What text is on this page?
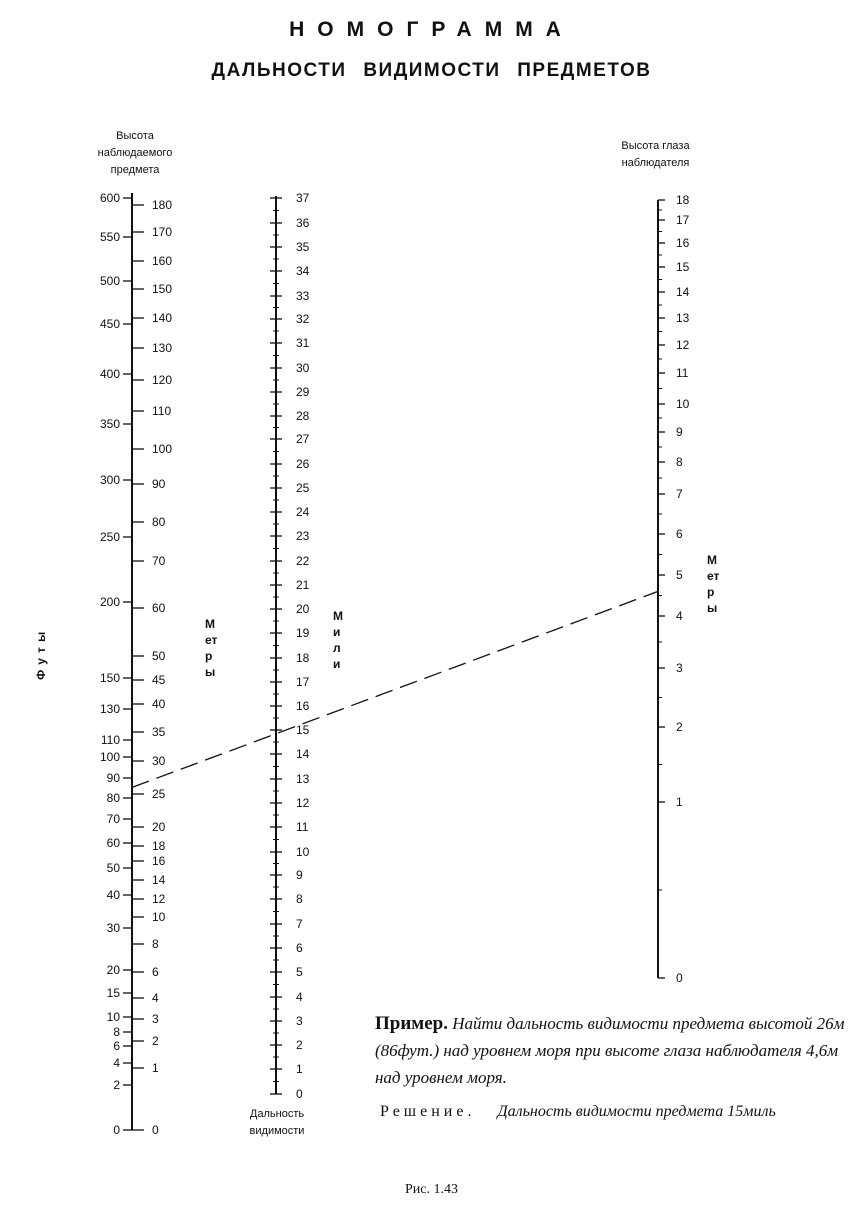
НОМОГРАММА
ДАЛЬНОСТИ ВИДИМОСТИ ПРЕДМЕТОВ
Высота
наблюдаемого
предмета
Дальность
видимости
Высота глаза
наблюдателя
Футы
Метры
Мили
Метры
0
2
4
6
8
10
15
20
30
40
50
60
70
80
90
100
110
130
150
200
250
300
350
400
450
500
550
600
0
1
2
3
4
6
8
10
12
14
16
18
20
25
30
35
40
45
50
60
70
80
90
100
110
120
130
140
150
160
170
180
0
1
2
3
4
5
6
7
8
9
10
11
12
13
14
15
16
17
18
19
20
21
22
23
24
25
26
27
28
29
30
31
32
33
34
35
36
37
0
1
2
3
4
5
6
7
8
9
10
11
12
13
14
15
16
17
18
Пример. Найти дальность видимости предмета высотой 26м (86фут.) над уровнем моря при высоте глаза наблюдателя 4,6м над уровнем моря.
Решение. Дальность видимости предмета 15миль
Рис. 1.43
